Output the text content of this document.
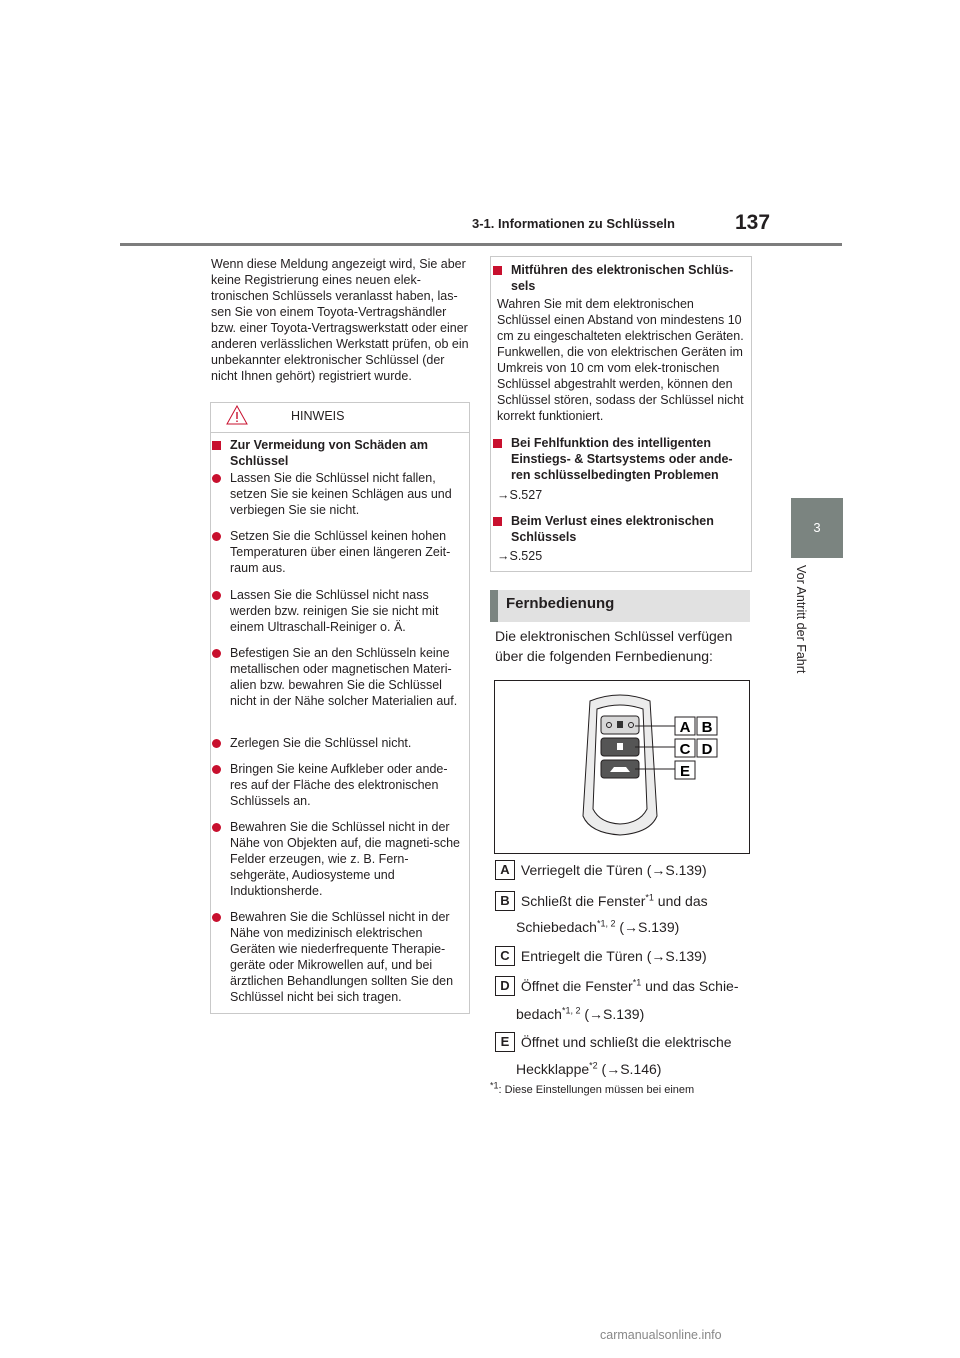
3-1. Informationen zu Schlüsseln	137
3
Vor Antritt der Fahrt
Wenn diese Meldung angezeigt wird, Sie aber keine Registrierung eines neuen elek-tronischen Schlüssels veranlasst haben, las-sen Sie von einem Toyota-Vertragshändler bzw. einer Toyota-Vertragswerkstatt oder einer anderen verlässlichen Werkstatt prüfen, ob ein unbekannter elektronischer Schlüssel (der nicht Ihnen gehört) registriert wurde.
HINWEIS
Zur Vermeidung von Schäden am Schlüssel
Lassen Sie die Schlüssel nicht fallen, setzen Sie sie keinen Schlägen aus und verbiegen Sie sie nicht.
Setzen Sie die Schlüssel keinen hohen Temperaturen über einen längeren Zeit-raum aus.
Lassen Sie die Schlüssel nicht nass werden bzw. reinigen Sie sie nicht mit einem Ultraschall-Reiniger o. Ä.
Befestigen Sie an den Schlüsseln keine metallischen oder magnetischen Materi-alien bzw. bewahren Sie die Schlüssel nicht in der Nähe solcher Materialien auf.
Zerlegen Sie die Schlüssel nicht.
Bringen Sie keine Aufkleber oder ande-res auf der Fläche des elektronischen Schlüssels an.
Bewahren Sie die Schlüssel nicht in der Nähe von Objekten auf, die magneti-sche Felder erzeugen, wie z. B. Fern-sehgeräte, Audiosysteme und Induktionsherde.
Bewahren Sie die Schlüssel nicht in der Nähe von medizinisch elektrischen Geräten wie niederfrequente Therapie-geräte oder Mikrowellen auf, und bei ärztlichen Behandlungen sollten Sie den Schlüssel nicht bei sich tragen.
Mitführen des elektronischen Schlüs-sels
Wahren Sie mit dem elektronischen Schlüssel einen Abstand von mindestens 10 cm zu eingeschalteten elektrischen Geräten. Funkwellen, die von elektrischen Geräten im Umkreis von 10 cm vom elek-tronischen Schlüssel abgestrahlt werden, können den Schlüssel stören, sodass der Schlüssel nicht korrekt funktioniert.
Bei Fehlfunktion des intelligenten Einstiegs- & Startsystems oder ande-ren schlüsselbedingten Problemen
→S.527
Beim Verlust eines elektronischen Schlüssels
→S.525
Fernbedienung
Die elektronischen Schlüssel verfügen über die folgenden Fernbedienung:
A B
C D
E
A Verriegelt die Türen (→S.139)
B Schließt die Fenster$^{*1}$ und das
Schiebedach$^{*1, 2}$ (→S.139)
C Entriegelt die Türen (→S.139)
D Öffnet die Fenster$^{*1}$ und das Schie-
bedach$^{*1, 2}$ (→S.139)
E Öffnet und schließt die elektrische
Heckklappe$^{*2}$ (→S.146)
$^{*1}$: Diese Einstellungen müssen bei einem
carmanualsonline.info
